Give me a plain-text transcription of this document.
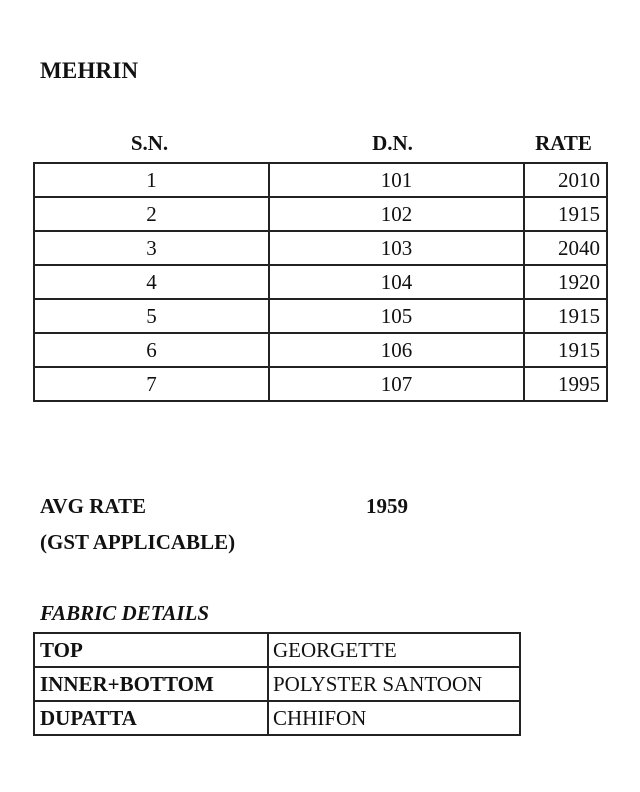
MEHRIN
S.N.	D.N.	RATE
1	101	2010
2	102	1915
3	103	2040
4	104	1920
5	105	1915
6	106	1915
7	107	1995
AVG RATE	1959
(GST APPLICABLE)
FABRIC DETAILS
TOP	GEORGETTE
INNER+BOTTOM	POLYSTER SANTOON
DUPATTA	CHHIFON
